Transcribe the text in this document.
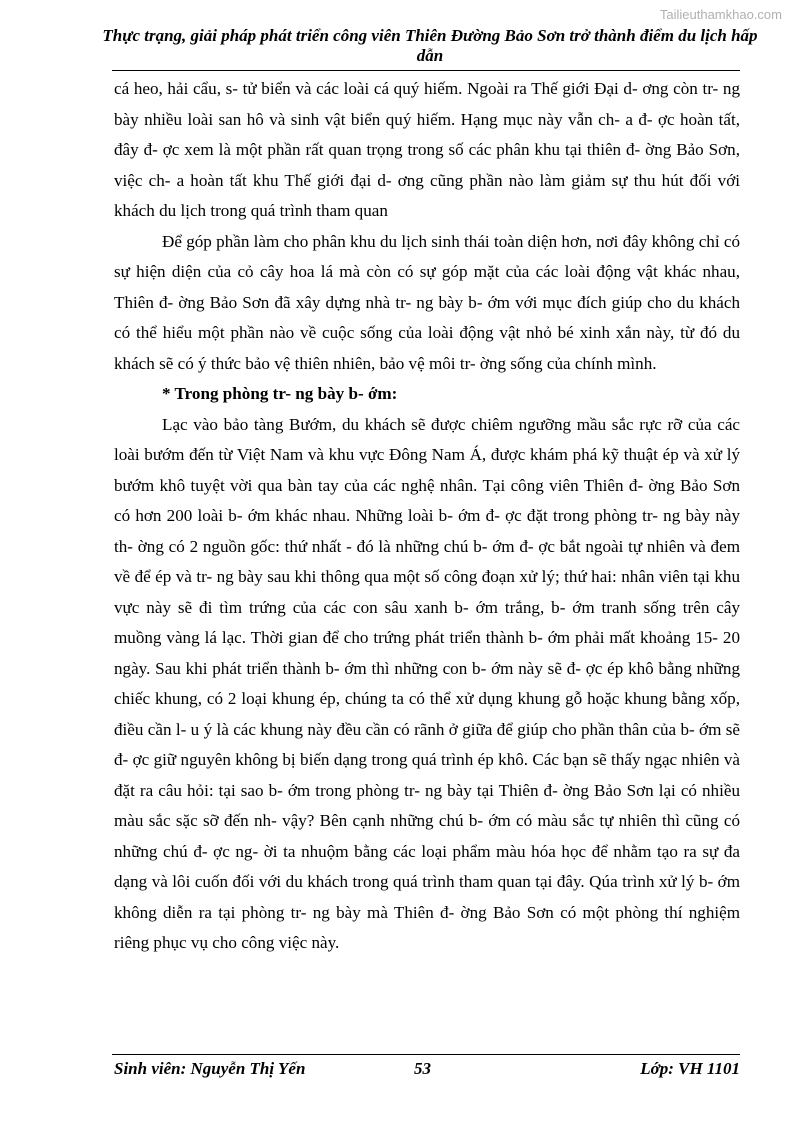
Tailieuthamkhao.com
Thực trạng, giải pháp phát triển công viên Thiên Đường Bảo Sơn trở thành điểm du lịch hấp dẫn

cá heo, hải cẩu, s- tử biển và các loài cá quý hiếm. Ngoài ra Thế giới Đại d- ơng còn tr- ng bày nhiều loài san hô và sinh vật biển quý hiếm. Hạng mục này vẫn ch- a đ- ợc hoàn tất, đây đ- ợc xem là một phần rất quan trọng trong số các phân khu tại thiên đ- ờng Bảo Sơn, việc ch- a hoàn tất khu Thế giới đại d- ơng cũng phần nào làm giảm sự thu hút đối với khách du lịch trong quá trình tham quan

Để góp phần làm cho phân khu du lịch sinh thái toàn diện hơn, nơi đây không chỉ có sự hiện diện của cỏ cây hoa lá mà còn có sự góp mặt của các loài động vật khác nhau, Thiên đ- ờng Bảo Sơn đã xây dựng nhà tr- ng bày b- ớm với mục đích giúp cho du khách có thể hiểu một phần nào về cuộc sống của loài động vật nhỏ bé xinh xắn này, từ đó du khách sẽ có ý thức bảo vệ thiên nhiên, bảo vệ môi tr- ờng sống của chính mình.

* Trong phòng tr- ng bày b- ớm:

Lạc vào bảo tàng Bướm, du khách sẽ được chiêm ngưỡng mầu sắc rực rỡ của các loài bướm đến từ Việt Nam và khu vực Đông Nam Á, được khám phá kỹ thuật ép và xử lý bướm khô tuyệt vời qua bàn tay của các nghệ nhân. Tại công viên Thiên đ- ờng Bảo Sơn có hơn 200 loài b- ớm khác nhau. Những loài b- ớm đ- ợc đặt trong phòng tr- ng bày này th- ờng có 2 nguồn gốc: thứ nhất - đó là những chú b- ớm đ- ợc bắt ngoài tự nhiên và đem về để ép và tr- ng bày sau khi thông qua một số công đoạn xử lý; thứ hai: nhân viên tại khu vực này sẽ đi tìm trứng của các con sâu xanh b- ớm trắng, b- ớm tranh sống trên cây muồng vàng lá lạc. Thời gian để cho trứng phát triển thành b- ớm phải mất khoảng 15- 20 ngày. Sau khi phát triển thành b- ớm thì những con b- ớm này sẽ đ- ợc ép khô bằng những chiếc khung, có 2 loại khung ép, chúng ta có thể xử dụng khung gỗ hoặc khung bằng xốp, điều cần l- u ý là các khung này đều cần có rãnh ở giữa để giúp cho phần thân của b- ớm sẽ đ- ợc giữ nguyên không bị biến dạng trong quá trình ép khô. Các bạn sẽ thấy ngạc nhiên và đặt ra câu hỏi: tại sao b- ớm trong phòng tr- ng bày tại Thiên đ- ờng Bảo Sơn lại có nhiều màu sắc sặc sỡ đến nh- vậy? Bên cạnh những chú b- ớm có màu sắc tự nhiên thì cũng có những chú đ- ợc ng- ời ta nhuộm bằng các loại phẩm màu hóa học để nhằm tạo ra sự đa dạng và lôi cuốn đối với du khách trong quá trình tham quan tại đây. Qúa trình xử lý b- ớm không diễn ra tại phòng tr- ng bày mà Thiên đ- ờng Bảo Sơn có một phòng thí nghiệm riêng phục vụ cho công việc này.

Sinh viên: Nguyễn Thị Yến	53	Lớp: VH 1101
